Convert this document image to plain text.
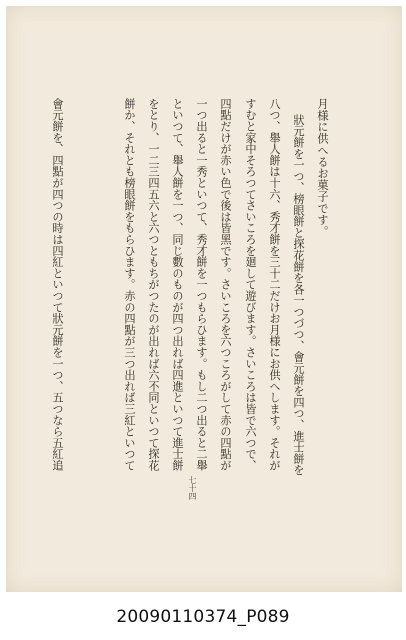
月様に供へるお菓子です。
狀元餅を一つ、榜眼餅と探花餅を各一つづつ、會元餅を四つ、進士餅を
八つ、舉人餅は十六、秀才餅を三十二だけお月様にお供へします。それが
すむと家中そろつてさいころを廻して遊びます。さいころは皆で六つで、
四點だけが赤い色で後は皆黑です。さいころを六つころがして赤の四點が
一つ出ると一秀といつて、秀才餅を一つもらひます。もし二つ出ると二舉
といつて、舉人餅を一つ、同じ數のものが四つ出れば四進といつて進士餅
をとり、一二三四五六と六つともちがつたのが出れば六不同といつて探花
餅か、それとも榜眼餅をもらひます。赤の四點が三つ出れば三紅といつて
會元餅を、四點が四つの時は四紅といつて狀元餅を一つ、五つなら五紅追
七十四
20090110374_P089
